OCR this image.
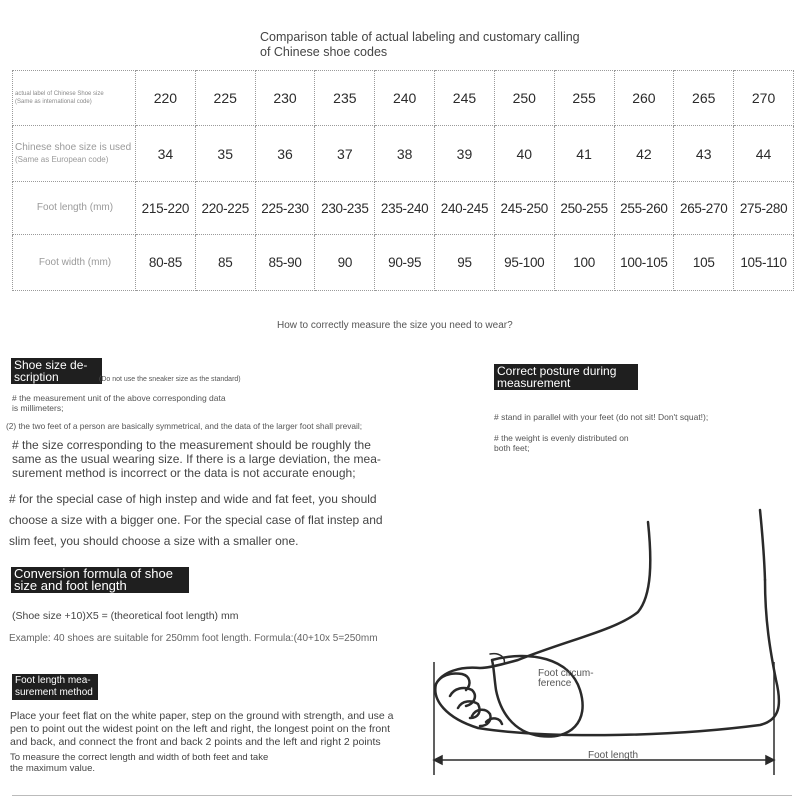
Comparison table of actual labeling and customary calling
of Chinese shoe codes
actual label of Chinese Shoe size
(Same as international code)	220	225	230	235	240	245	250	255	260	265	270
Chinese shoe size is used
(Same as European code)	34	35	36	37	38	39	40	41	42	43	44
Foot length (mm)	215-220	220-225	225-230	230-235	235-240	240-245	245-250	250-255	255-260	265-270	275-280
Foot width (mm)	80-85	85	85-90	90	90-95	95	95-100	100	100-105	105	105-110
How to correctly measure the size you need to wear?
Shoe size de-
scription	(Do not use the sneaker size as the standard)
# the measurement unit of the above corresponding data
is millimeters;
(2) the two feet of a person are basically symmetrical, and the data of the larger foot shall prevail;
# the size corresponding to the measurement should be roughly the
same as the usual wearing size. If there is a large deviation, the mea-
surement method is incorrect or the data is not accurate enough;
# for the special case of high instep and wide and fat feet, you should
choose a size with a bigger one. For the special case of flat instep and
slim feet, you should choose a size with a smaller one.
Correct posture during
measurement
# stand in parallel with your feet (do not sit! Don't squat!);
# the weight is evenly distributed on
both feet;
Conversion formula of shoe
size and foot length
(Shoe size +10)X5 = (theoretical foot length) mm
Example: 40 shoes are suitable for 250mm foot length. Formula:(40+10x 5=250mm
Foot length mea-
surement method
Place your feet flat on the white paper, step on the ground with strength, and use a
pen to point out the widest point on the left and right, the longest point on the front
and back, and connect the front and back 2 points and the left and right 2 points
To measure the correct length and width of both feet and take
the maximum value.
Foot circum-
ference
Foot length
